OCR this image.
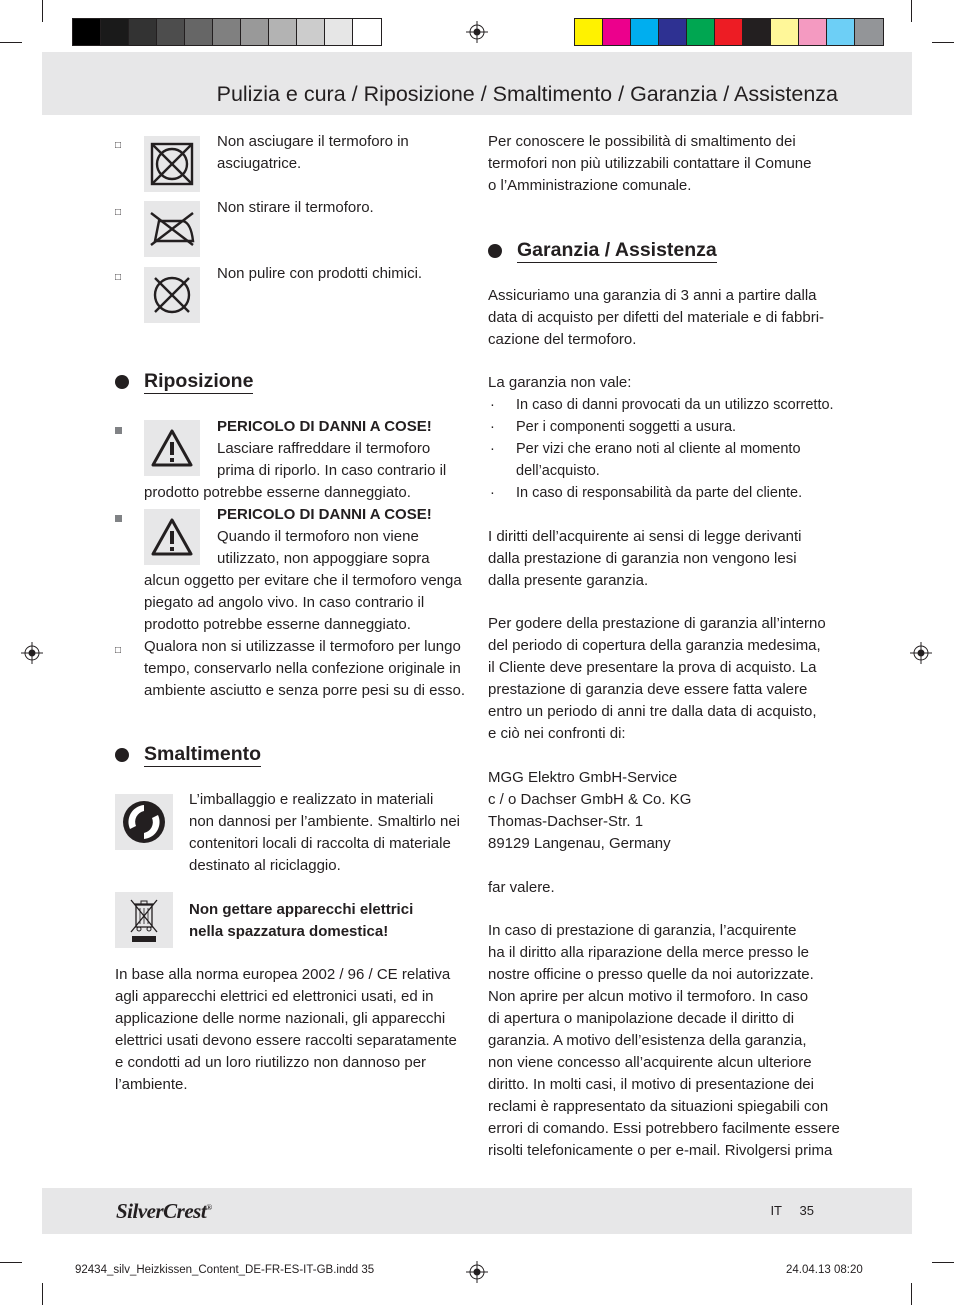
Pulizia e cura / Riposizione / Smaltimento / Garanzia / Assistenza
□	Non asciugare il termoforo in
asciugatrice.
□	Non stirare il termoforo.
□	Non pulire con prodotti chimici.
Riposizione
PERICOLO DI DANNI A COSE!
Lasciare raffreddare il termoforo
prima di riporlo. In caso contrario il
prodotto potrebbe esserne danneggiato.
PERICOLO DI DANNI A COSE!
Quando il termoforo non viene
utilizzato, non appoggiare sopra
alcun oggetto per evitare che il termoforo venga
piegato ad angolo vivo. In caso contrario il
prodotto potrebbe esserne danneggiato.
□ Qualora non si utilizzasse il termoforo per lungo
tempo, conservarlo nella confezione originale in
ambiente asciutto e senza porre pesi su di esso.
Smaltimento
L’imballaggio e realizzato in materiali
non dannosi per l’ambiente. Smaltirlo nei
contenitori locali di raccolta di materiale
destinato al riciclaggio.
Non gettare apparecchi elettrici
nella spazzatura domestica!
In base alla norma europea 2002 / 96 / CE relativa
agli apparecchi elettrici ed elettronici usati, ed in
applicazione delle norme nazionali, gli apparecchi
elettrici usati devono essere raccolti separatamente
e condotti ad un loro riutilizzo non dannoso per
l’ambiente.
Per conoscere le possibilità di smaltimento dei
termofori non più utilizzabili contattare il Comune
o l’Amministrazione comunale.
Garanzia / Assistenza
Assicuriamo una garanzia di 3 anni a partire dalla
data di acquisto per difetti del materiale e di fabbri-
cazione del termoforo.
La garanzia non vale:
· In caso di danni provocati da un utilizzo scorretto.
· Per i componenti soggetti a usura.
· Per vizi che erano noti al cliente al momento
dell’acquisto.
· In caso di responsabilità da parte del cliente.
I diritti dell’acquirente ai sensi di legge derivanti
dalla prestazione di garanzia non vengono lesi
dalla presente garanzia.
Per godere della prestazione di garanzia all’interno
del periodo di copertura della garanzia medesima,
il Cliente deve presentare la prova di acquisto. La
prestazione di garanzia deve essere fatta valere
entro un periodo di anni tre dalla data di acquisto,
e ciò nei confronti di:
MGG Elektro GmbH-Service
c / o Dachser GmbH & Co. KG
Thomas-Dachser-Str. 1
89129 Langenau, Germany
far valere.
In caso di prestazione di garanzia, l’acquirente
ha il diritto alla riparazione della merce presso le
nostre officine o presso quelle da noi autorizzate.
Non aprire per alcun motivo il termoforo. In caso
di apertura o manipolazione decade il diritto di
garanzia. A motivo dell’esistenza della garanzia,
non viene concesso all’acquirente alcun ulteriore
diritto. In molti casi, il motivo di presentazione dei
reclami è rappresentato da situazioni spiegabili con
errori di comando. Essi potrebbero facilmente essere
risolti telefonicamente o per e-mail. Rivolgersi prima
SilverCrest®	IT 35
92434_silv_Heizkissen_Content_DE-FR-ES-IT-GB.indd 35	24.04.13 08:20
